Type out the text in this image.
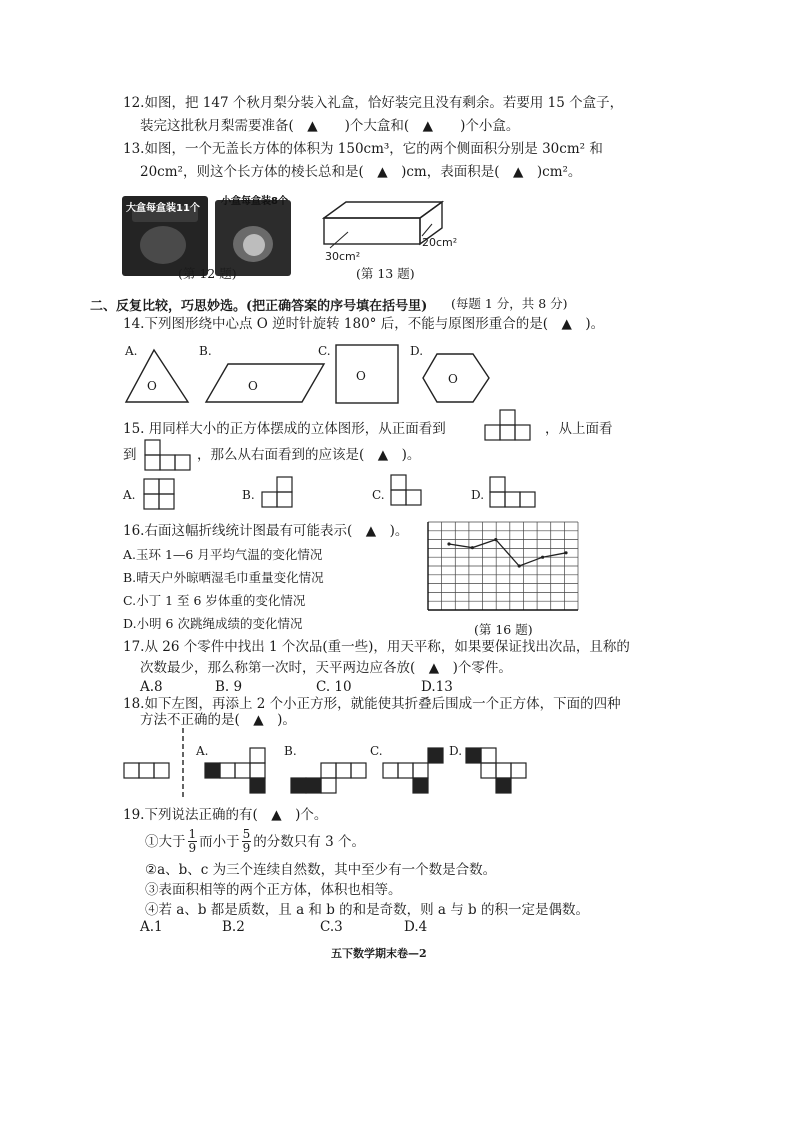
12.如图，把 147 个秋月梨分装入礼盒，恰好装完且没有剩余。若要用 15 个盒子，
装完这批秋月梨需要准备(　▲　　)个大盒和(　▲　　)个小盒。
13.如图，一个无盖长方体的体积为 150cm³，它的两个侧面积分别是 30cm² 和
20cm²，则这个长方体的棱长总和是(　▲　)cm，表面积是(　▲　)cm²。
大盒每盒装11个
小盒每盒装8个
(第 12 题)
30cm²
20cm²
(第 13 题)
二、反复比较，巧思妙选。(把正确答案的序号填在括号里) (每题 1 分，共 8 分)
14.下列图形绕中心点 O 逆时针旋转 180° 后，不能与原图形重合的是(　▲　)。
A.	B.	C.	D.
O	O
O	O
15. 用同样大小的正方体摆成的立体图形，从正面看到	，从上面看
到	，那么从右面看到的应该是(　▲　)。
A.	B.	C.	D.
16.右面这幅折线统计图最有可能表示(　▲　)。
A.玉环 1—6 月平均气温的变化情况
B.晴天户外晾晒湿毛巾重量变化情况
C.小丁 1 至 6 岁体重的变化情况
D.小明 6 次跳绳成绩的变化情况	(第 16 题)
17.从 26 个零件中找出 1 个次品(重一些)，用天平称，如果要保证找出次品，且称的
次数最少，那么称第一次时，天平两边应各放(　▲　)个零件。
A.8	B. 9	C. 10	D.13
18.如下左图，再添上 2 个小正方形，就能使其折叠后围成一个正方体，下面的四种
方法不正确的是(　▲　)。
A.	B.	C.	D.
19.下列说法正确的有(　▲　)个。
①大于 $\frac{1}{9}$ 而小于 $\frac{5}{9}$ 的分数只有 3 个。
②a、b、c 为三个连续自然数，其中至少有一个数是合数。
③表面积相等的两个正方体，体积也相等。
④若 a、b 都是质数，且 a 和 b 的和是奇数，则 a 与 b 的积一定是偶数。
A.1	B.2	C.3	D.4
五下数学期末卷—2
